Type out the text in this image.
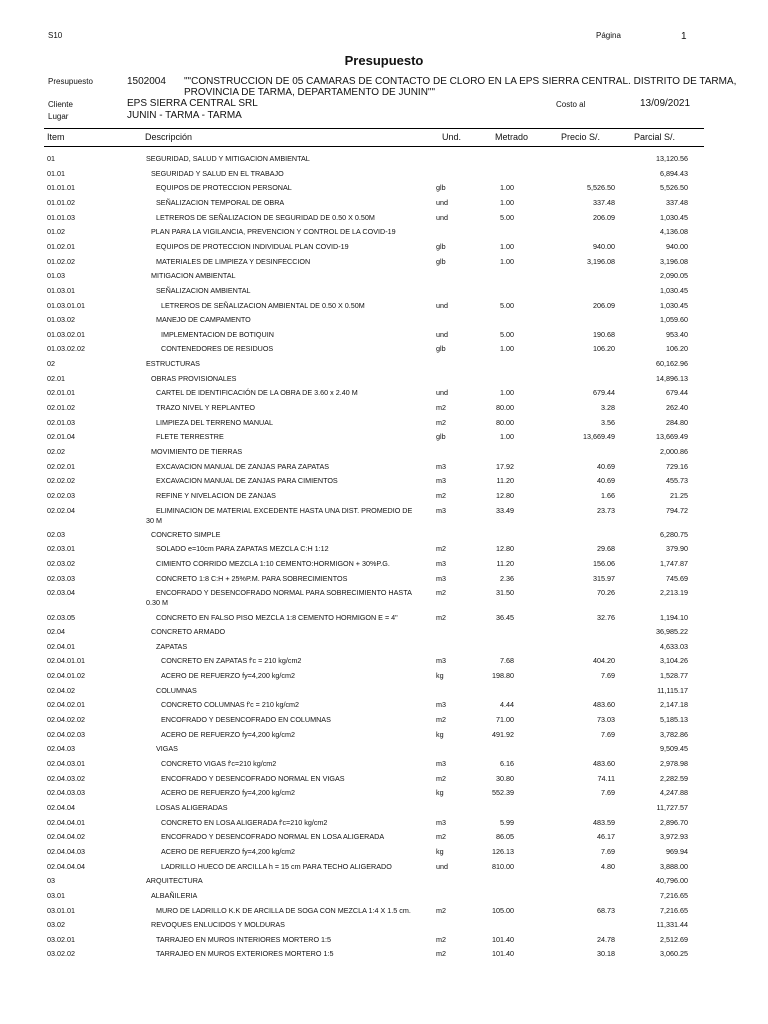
S10	Página	1
Presupuesto
Presupuesto	1502004 ""CONSTRUCCION DE 05 CAMARAS DE CONTACTO DE CLORO EN LA EPS SIERRA CENTRAL. DISTRITO DE TARMA,
PROVINCIA DE TARMA, DEPARTAMENTO DE JUNIN""
Cliente	EPS SIERRA CENTRAL SRL	Costo al	13/09/2021
Lugar	JUNIN - TARMA - TARMA
Item	Descripción	Und.	Metrado	Precio S/.	Parcial S/.
01	SEGURIDAD, SALUD Y MITIGACION AMBIENTAL	13,120.56
01.01	SEGURIDAD Y SALUD EN EL TRABAJO	6,894.43
01.01.01	EQUIPOS DE PROTECCION PERSONAL	glb	1.00	5,526.50	5,526.50
01.01.02	SEÑALIZACION TEMPORAL DE OBRA	und	1.00	337.48	337.48
01.01.03	LETREROS DE SEÑALIZACION DE SEGURIDAD DE 0.50 X 0.50M	und	5.00	206.09	1,030.45
01.02	PLAN PARA LA VIGILANCIA, PREVENCION Y CONTROL DE LA COVID-19	4,136.08
01.02.01	EQUIPOS DE PROTECCION INDIVIDUAL PLAN COVID-19	glb	1.00	940.00	940.00
01.02.02	MATERIALES DE LIMPIEZA Y DESINFECCION	glb	1.00	3,196.08	3,196.08
01.03	MITIGACION AMBIENTAL	2,090.05
01.03.01	SEÑALIZACION AMBIENTAL	1,030.45
01.03.01.01	LETREROS DE SEÑALIZACION AMBIENTAL DE 0.50 X 0.50M	und	5.00	206.09	1,030.45
01.03.02	MANEJO DE CAMPAMENTO	1,059.60
01.03.02.01	IMPLEMENTACION DE BOTIQUIN	und	5.00	190.68	953.40
01.03.02.02	CONTENEDORES DE RESIDUOS	glb	1.00	106.20	106.20
02	ESTRUCTURAS	60,162.96
02.01	OBRAS PROVISIONALES	14,896.13
02.01.01	CARTEL DE IDENTIFICACIÓN DE LA OBRA DE 3.60 x 2.40 M	und	1.00	679.44	679.44
02.01.02	TRAZO NIVEL Y REPLANTEO	m2	80.00	3.28	262.40
02.01.03	LIMPIEZA DEL TERRENO MANUAL	m2	80.00	3.56	284.80
02.01.04	FLETE TERRESTRE	glb	1.00	13,669.49	13,669.49
02.02	MOVIMIENTO DE TIERRAS	2,000.86
02.02.01	EXCAVACION MANUAL DE ZANJAS PARA ZAPATAS	m3	17.92	40.69	729.16
02.02.02	EXCAVACION MANUAL DE ZANJAS PARA CIMIENTOS	m3	11.20	40.69	455.73
02.02.03	REFINE Y NIVELACION DE ZANJAS	m2	12.80	1.66	21.25
02.02.04	ELIMINACION DE MATERIAL EXCEDENTE HASTA UNA DIST. PROMEDIO DE
30 M
m3	33.49	23.73	794.72
02.03	CONCRETO SIMPLE	6,280.75
02.03.01	SOLADO e=10cm PARA ZAPATAS MEZCLA C:H 1:12	m2	12.80	29.68	379.90
02.03.02	CIMIENTO CORRIDO MEZCLA 1:10 CEMENTO:HORMIGON + 30%P.G.	m3	11.20	156.06	1,747.87
02.03.03	CONCRETO 1:8 C:H + 25%P.M. PARA SOBRECIMIENTOS	m3	2.36	315.97	745.69
02.03.04	ENCOFRADO Y DESENCOFRADO NORMAL PARA SOBRECIMIENTO HASTA
0.30 M
m2	31.50	70.26	2,213.19
02.03.05	CONCRETO EN FALSO PISO MEZCLA 1:8 CEMENTO HORMIGON E = 4"	m2	36.45	32.76	1,194.10
02.04	CONCRETO ARMADO	36,985.22
02.04.01	ZAPATAS	4,633.03
02.04.01.01	CONCRETO EN ZAPATAS f'c = 210 kg/cm2	m3	7.68	404.20	3,104.26
02.04.01.02	ACERO DE REFUERZO fy=4,200 kg/cm2	kg	198.80	7.69	1,528.77
02.04.02	COLUMNAS	11,115.17
02.04.02.01	CONCRETO COLUMNAS f'c = 210 kg/cm2	m3	4.44	483.60	2,147.18
02.04.02.02	ENCOFRADO Y DESENCOFRADO EN COLUMNAS	m2	71.00	73.03	5,185.13
02.04.02.03	ACERO DE REFUERZO fy=4,200 kg/cm2	kg	491.92	7.69	3,782.86
02.04.03	VIGAS	9,509.45
02.04.03.01	CONCRETO VIGAS f'c=210 kg/cm2	m3	6.16	483.60	2,978.98
02.04.03.02	ENCOFRADO Y DESENCOFRADO NORMAL EN VIGAS	m2	30.80	74.11	2,282.59
02.04.03.03	ACERO DE REFUERZO fy=4,200 kg/cm2	kg	552.39	7.69	4,247.88
02.04.04	LOSAS ALIGERADAS	11,727.57
02.04.04.01	CONCRETO EN LOSA ALIGERADA f'c=210 kg/cm2	m3	5.99	483.59	2,896.70
02.04.04.02	ENCOFRADO Y DESENCOFRADO NORMAL EN LOSA ALIGERADA	m2	86.05	46.17	3,972.93
02.04.04.03	ACERO DE REFUERZO fy=4,200 kg/cm2	kg	126.13	7.69	969.94
02.04.04.04	LADRILLO HUECO DE ARCILLA h = 15 cm PARA TECHO ALIGERADO	und	810.00	4.80	3,888.00
03	ARQUITECTURA	40,796.00
03.01	ALBAÑILERIA	7,216.65
03.01.01	MURO DE LADRILLO K.K DE ARCILLA DE SOGA CON MEZCLA 1:4 X 1.5 cm.	m2	105.00	68.73	7,216.65
03.02	REVOQUES ENLUCIDOS Y MOLDURAS	11,331.44
03.02.01	TARRAJEO EN MUROS INTERIORES MORTERO 1:5	m2	101.40	24.78	2,512.69
03.02.02	TARRAJEO EN MUROS EXTERIORES MORTERO 1:5	m2	101.40	30.18	3,060.25
